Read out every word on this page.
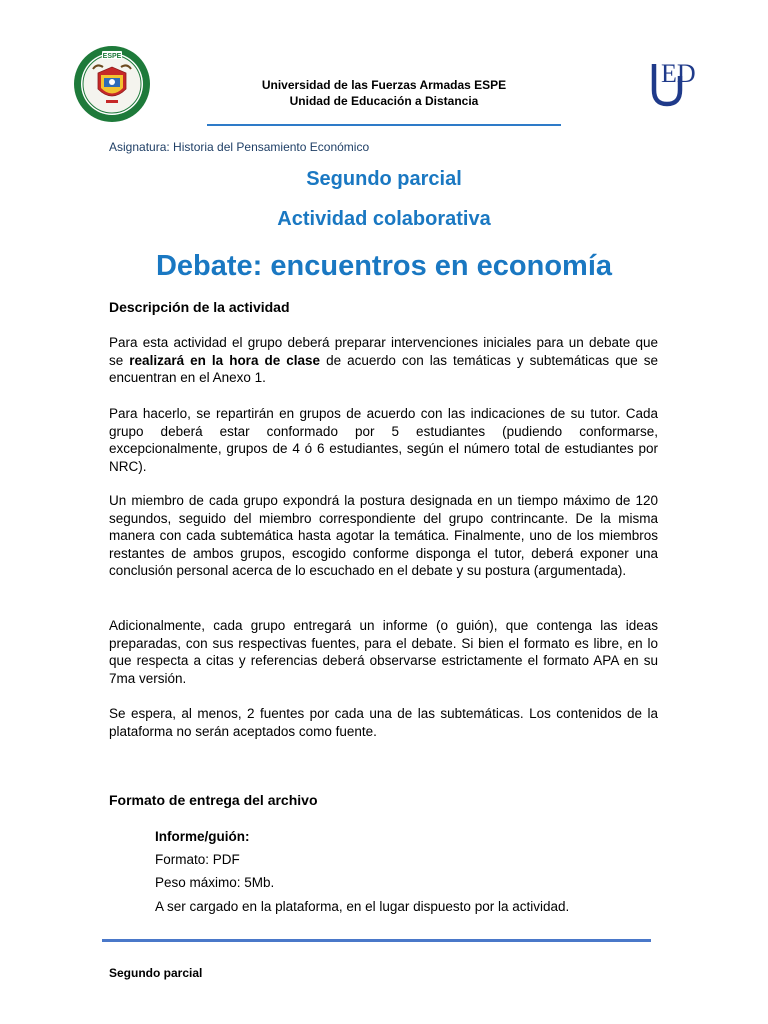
ESPE
ED
Universidad de las Fuerzas Armadas ESPE
Unidad de Educación a Distancia
Asignatura: Historia del Pensamiento Económico
Segundo parcial
Actividad colaborativa
Debate: encuentros en economía
Descripción de la actividad

Para esta actividad el grupo deberá preparar intervenciones iniciales para un debate que se realizará en la hora de clase de acuerdo con las temáticas y subtemáticas que se encuentran en el Anexo 1.

Para hacerlo, se repartirán en grupos de acuerdo con las indicaciones de su tutor. Cada grupo deberá estar conformado por 5 estudiantes (pudiendo conformarse, excepcionalmente, grupos de 4 ó 6 estudiantes, según el número total de estudiantes por NRC).

Un miembro de cada grupo expondrá la postura designada en un tiempo máximo de 120 segundos, seguido del miembro correspondiente del grupo contrincante. De la misma manera con cada subtemática hasta agotar la temática. Finalmente, uno de los miembros restantes de ambos grupos, escogido conforme disponga el tutor, deberá exponer una conclusión personal acerca de lo escuchado en el debate y su postura (argumentada).

Adicionalmente, cada grupo entregará un informe (o guión), que contenga las ideas preparadas, con sus respectivas fuentes, para el debate. Si bien el formato es libre, en lo que respecta a citas y referencias deberá observarse estrictamente el formato APA en su 7ma versión.

Se espera, al menos, 2 fuentes por cada una de las subtemáticas. Los contenidos de la plataforma no serán aceptados como fuente.

Formato de entrega del archivo
Informe/guión:
Formato: PDF
Peso máximo: 5Mb.
A ser cargado en la plataforma, en el lugar dispuesto por la actividad.
Segundo parcial
